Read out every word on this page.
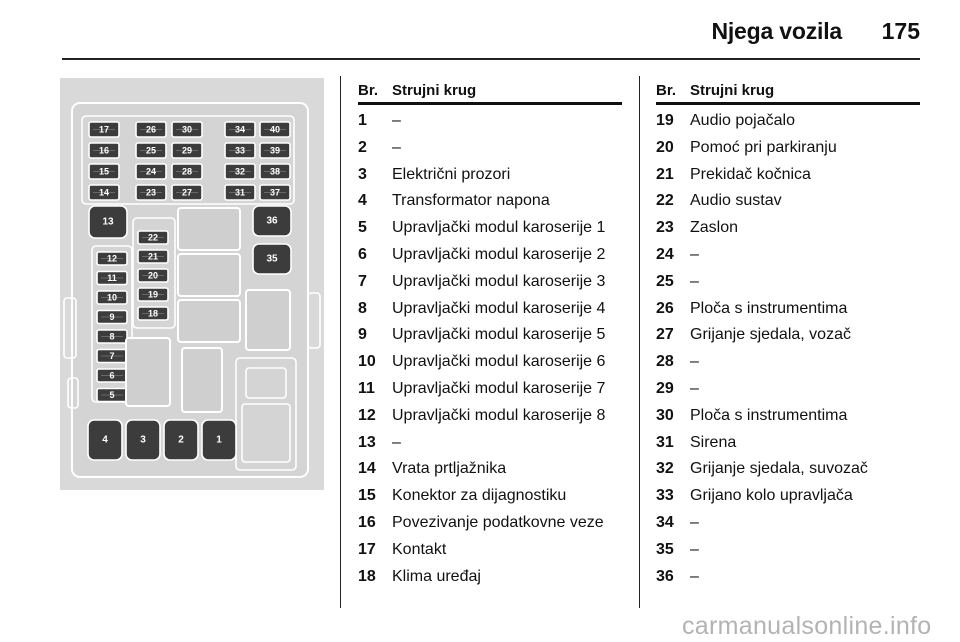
Njega vozila 175
17
16
15
14
26
25
24
23
30
29
28
27
34
33
32
31
40
39
38
37
13	36
35
12
11
10
9
8
7
6
5
22
21
20
19
18
4	3	2	1
Br. Strujni krug
1 –
2 –
3 Električni prozori
4 Transformator napona
5 Upravljački modul karoserije 1
6 Upravljački modul karoserije 2
7 Upravljački modul karoserije 3
8 Upravljački modul karoserije 4
9 Upravljački modul karoserije 5
10 Upravljački modul karoserije 6
11 Upravljački modul karoserije 7
12 Upravljački modul karoserije 8
13 –
14 Vrata prtljažnika
15 Konektor za dijagnostiku
16 Povezivanje podatkovne veze
17 Kontakt
18 Klima uređaj
Br. Strujni krug
19 Audio pojačalo
20 Pomoć pri parkiranju
21 Prekidač kočnica
22 Audio sustav
23 Zaslon
24 –
25 –
26 Ploča s instrumentima
27 Grijanje sjedala, vozač
28 –
29 –
30 Ploča s instrumentima
31 Sirena
32 Grijanje sjedala, suvozač
33 Grijano kolo upravljača
34 –
35 –
36 –
carmanualsonline.info
